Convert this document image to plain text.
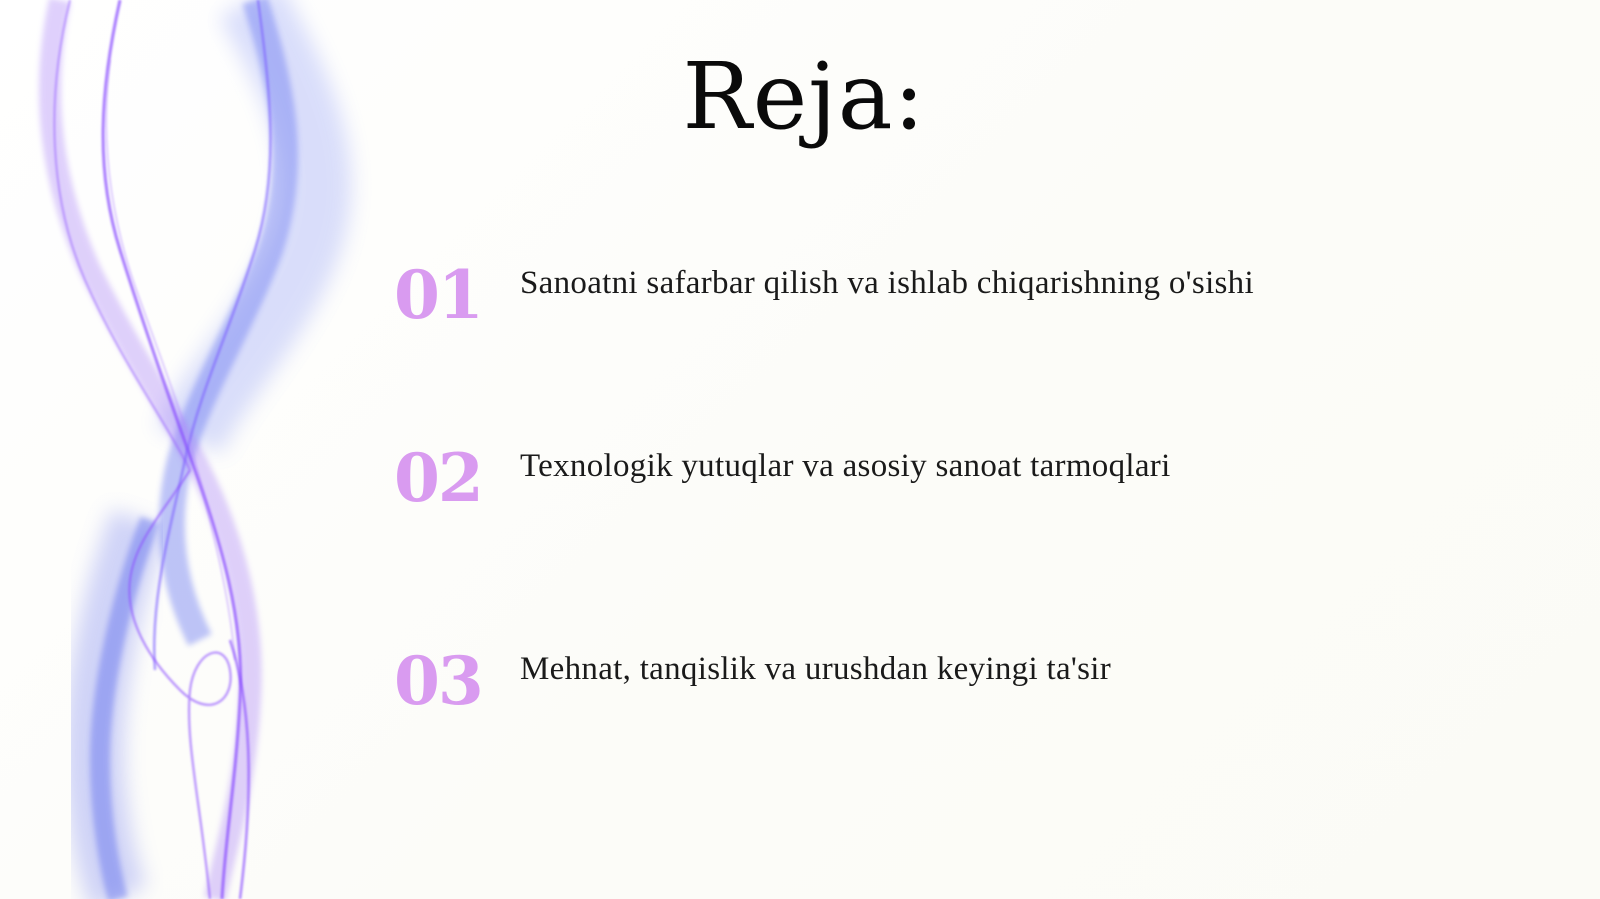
Reja:
01 Sanoatni safarbar qilish va ishlab chiqarishning o'sishi
02 Texnologik yutuqlar va asosiy sanoat tarmoqlari
03 Mehnat, tanqislik va urushdan keyingi ta'sir
